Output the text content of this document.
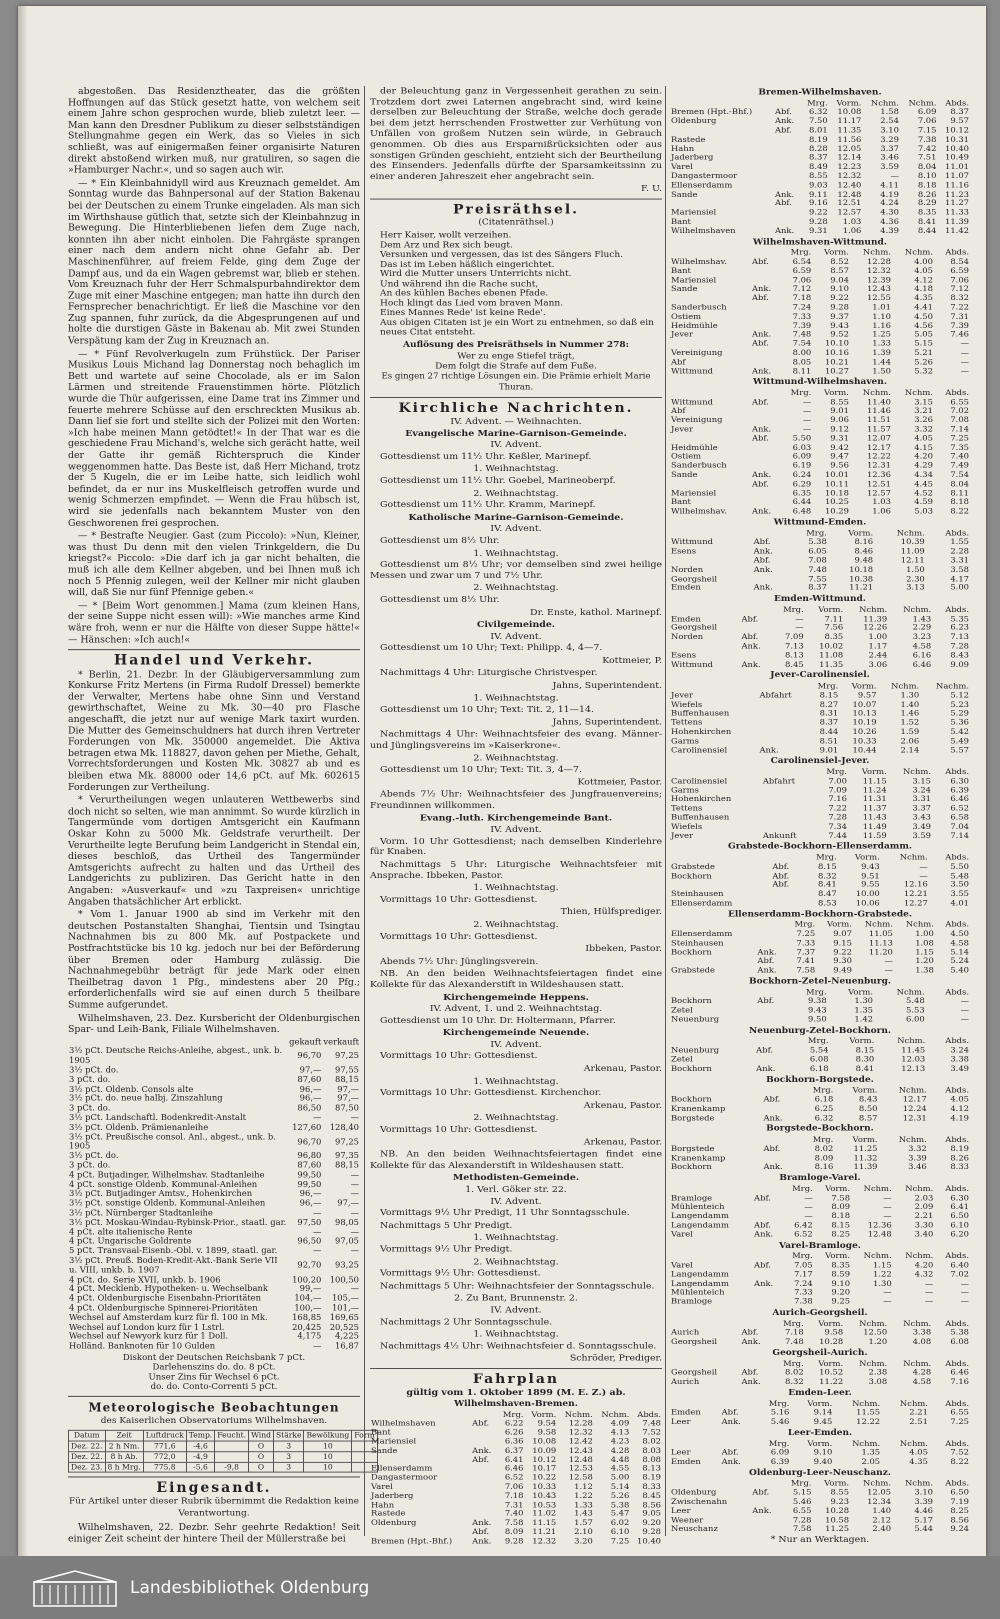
abgestoßen. Das Residenztheater, das die größten Hoffnungen auf das Stück gesetzt hatte, von welchem seit einem Jahre schon gesprochen wurde, blieb zuletzt leer. — Man kann den Dresdner Publikum zu dieser selbstständigen Stellungnahme gegen ein Werk, das so Vieles in sich schließt, was auf einigermaßen feiner organisirte Naturen direkt abstoßend wirken muß, nur gratuliren, so sagen die »Hamburger Nachr.«, und so sagen auch wir.

— * Ein Kleinbahnidyll wird aus Kreuznach gemeldet. Am Sonntag wurde das Bahnpersonal auf der Station Bakenau bei der Deutschen zu einem Trunke eingeladen. Als man sich im Wirthshause gütlich that, setzte sich der Kleinbahnzug in Bewegung. Die Hinterbliebenen liefen dem Zuge nach, konnten ihn aber nicht einholen. Die Fahrgäste sprangen einer nach dem andern nicht ohne Gefahr ab. Der Maschinenführer, auf freiem Felde, ging dem Zuge der Dampf aus, und da ein Wagen gebremst war, blieb er stehen. Vom Kreuznach fuhr der Herr Schmalspurbahndirektor dem Zuge mit einer Maschine entgegen; man hatte ihn durch den Fernsprecher benachrichtigt. Er ließ die Maschine vor den Zug spannen, fuhr zurück, da die Abgesprungenen auf und holte die durstigen Gäste in Bakenau ab. Mit zwei Stunden Verspätung kam der Zug in Kreuznach an.

— * Fünf Revolverkugeln zum Frühstück. Der Pariser Musikus Louis Michand lag Donnerstag noch behaglich im Bett und wartete auf seine Chocolade, als er im Salon Lärmen und streitende Frauenstimmen hörte. Plötzlich wurde die Thür aufgerissen, eine Dame trat ins Zimmer und feuerte mehrere Schüsse auf den erschreckten Musikus ab. Dann lief sie fort und stellte sich der Polizei mit den Worten: »Ich habe meinen Mann getödtet!« In der That war es die geschiedene Frau Michand's, welche sich gerächt hatte, weil der Gatte ihr gemäß Richterspruch die Kinder weggenommen hatte. Das Beste ist, daß Herr Michand, trotz der 5 Kugeln, die er im Leibe hatte, sich leidlich wohl befindet, da er nur ins Muskelfleisch getroffen wurde und wenig Schmerzen empfindet. — Wenn die Frau hübsch ist, wird sie jedenfalls nach bekanntem Muster von den Geschworenen frei gesprochen.

— * Bestrafte Neugier. Gast (zum Piccolo): »Nun, Kleiner, was thust Du denn mit den vielen Trinkgeldern, die Du kriegst?« Piccolo: »Die darf ich ja gar nicht behalten, die muß ich alle dem Kellner abgeben, und bei Ihnen muß ich noch 5 Pfennig zulegen, weil der Kellner mir nicht glauben will, daß Sie nur fünf Pfennige geben.«

— * [Beim Wort genommen.] Mama (zum kleinen Hans, der seine Suppe nicht essen will): »Wie manches arme Kind wäre froh, wenn er nur die Hälfte von dieser Suppe hätte!« — Hänschen: »Ich auch!«

Handel und Verkehr.

* Berlin, 21. Dezbr. In der Gläubigerversammlung zum Konkurse Fritz Mertens (in Firma Rudolf Dressel) bemerkte der Verwalter, Mertens habe ohne Sinn und Verstand gewirthschaftet, Weine zu Mk. 30—40 pro Flasche angeschafft, die jetzt nur auf wenige Mark taxirt wurden. Die Mutter des Gemeinschuldners hat durch ihren Vertreter Forderungen von Mk. 350000 angemeldet. Die Aktiva betragen etwa Mk. 118827, davon gehen per Miethe, Gehalt, Vorrechtsforderungen und Kosten Mk. 30827 ab und es bleiben etwa Mk. 88000 oder 14,6 pCt. auf Mk. 602615 Forderungen zur Vertheilung.

* Verurtheilungen wegen unlauteren Wettbewerbs sind doch nicht so selten, wie man annimmt. So wurde kürzlich in Tangermünde vom dortigen Amtsgericht ein Kaufmann Oskar Kohn zu 5000 Mk. Geldstrafe verurtheilt. Der Verurtheilte legte Berufung beim Landgericht in Stendal ein, dieses beschloß, das Urtheil des Tangermünder Amtsgerichts aufrecht zu halten und das Urtheil des Landgerichts zu publiziren. Das Gericht hatte in den Angaben: »Ausverkauf« und »zu Taxpreisen« unrichtige Angaben thatsächlicher Art erblickt.

* Vom 1. Januar 1900 ab sind im Verkehr mit den deutschen Postanstalten Shanghai, Tientsin und Tsingtau Nachnahmen bis zu 800 Mk. auf Postpackete und Postfrachtstücke bis 10 kg. jedoch nur bei der Beförderung über Bremen oder Hamburg zulässig. Die Nachnahmegebühr beträgt für jede Mark oder einen Theilbetrag davon 1 Pfg., mindestens aber 20 Pfg.; erforderlichenfalls wird sie auf einen durch 5 theilbare Summe aufgerundet.

Wilhelmshaven, 23. Dez. Kursbericht der Oldenburgischen Spar- und Leih-Bank, Filiale Wilhelmshaven.

	gekauft	verkauft
3½ pCt. Deutsche Reichs-Anleihe, abgest., unk. b. 1905	96,70	97,25
3½ pCt. do.	97,—	97,55
3 pCt. do.	87,60	88,15
3½ pCt. Oldenb. Consols alte	96,—	97,—
3½ pCt. do. neue halbj. Zinszahlung	96,—	97,—
3 pCt. do.	86,50	87,50
3½ pCt. Landschaftl. Bodenkredit-Anstalt	—	—
3½ pCt. Oldenb. Prämienanleihe	127,60	128,40
3½ pCt. Preußische consol. Anl., abgest., unk. b. 1905	96,70	97,25
3½ pCt. do.	96,80	97,35
3 pCt. do.	87,60	88,15
4 pCt. Butjadinger, Wilhelmshav. Stadtanleihe	99,50	—
4 pCt. sonstige Oldenb. Kommunal-Anleihen	99,50	—
3½ pCt. Butjadinger Amtsv., Hohenkirchen	96,—	—
3½ pCt. sonstige Oldenb. Kommunal-Anleihen	96,—	97,—
3½ pCt. Nürnberger Stadtanleihe	—	—
3½ pCt. Moskau-Windau-Rybinsk-Prior., staatl. gar.	97,50	98,05
4 pCt. alte italienische Rente	—	—
4 pCt. Ungarische Goldrente	96,50	97,05
5 pCt. Transvaal-Eisenb.-Obl. v. 1899, staatl. gar.	—	—
3½ pCt. Preuß. Boden-Kredit-Akt.-Bank Serie VII u. VIII, unkb. b. 1907	92,70	93,25
4 pCt. do. Serie XVII, unkb. b. 1906	100,20	100,50
4 pCt. Mecklenb. Hypotheken- u. Wechselbank	99,—	—
4 pCt. Oldenburgische Eisenbahn-Prioritäten	104,—	105,—
4 pCt. Oldenburgische Spinnerei-Prioritäten	100,—	101,—
Wechsel auf Amsterdam kurz für fl. 100 in Mk.	168,85	169,65
Wechsel auf London kurz für 1 Lstrl.	20,425	20,525
Wechsel auf Newyork kurz für 1 Doll.	4,175	4,225
Holländ. Banknoten für 10 Gulden	—	16,87
Diskont der Deutschen Reichsbank 7 pCt.
Darlehenszins do. do. 8 pCt.
Unser Zins für Wechsel 6 pCt.
do. do. Conto-Correnti 5 pCt.
Meteorologische Beobachtungen
des Kaiserlichen Observatoriums Wilhelmshaven.
Datum	Zeit	Luftdruck	Temp.	Feucht.	Wind	Stärke	Bewölkung	Form
Dez. 22.	2 h Nm.	771,6	-4,6		O	3	10	
Dez. 22.	8 h Ab.	772,0	-4,9		O	3	10	
Dez. 23.	8 h Mrg.	775,8	-5,6	-9,8	O	3	10	
Eingesandt.
Für Artikel unter dieser Rubrik übernimmt die Redaktion keine Verantwortung.

Wilhelmshaven, 22. Dezbr. Sehr geehrte Redaktion! Seit einiger Zeit scheint der hintere Theil der Müllerstraße bei

der Beleuchtung ganz in Vergessenheit gerathen zu sein. Trotzdem dort zwei Laternen angebracht sind, wird keine derselben zur Beleuchtung der Straße, welche doch gerade bei dem jetzt herrschenden Frostwetter zur Verhütung von Unfällen von großem Nutzen sein würde, in Gebrauch genommen. Ob dies aus Ersparnißrücksichten oder aus sonstigen Gründen geschieht, entzieht sich der Beurtheilung des Einsenders. Jedenfalls dürfte der Sparsamkeitssinn zu einer anderen Jahreszeit eher angebracht sein.

F. U.

Preisräthsel.
(Citatenräthsel.)
Herr Kaiser, wollt verzeihen.
Dem Arz und Rex sich beugt.
Versunken und vergessen, das ist des Sängers Fluch.
Das ist im Leben häßlich eingerichtet.
Wird die Mutter unsers Unterrichts nicht.
Und während ihn die Rache sucht,
An des kühlen Baches ebenen Pfade.
Hoch klingt das Lied vom braven Mann.
Eines Mannes Rede' ist keine Rede'.
Aus obigen Citaten ist je ein Wort zu entnehmen, so daß ein neues Citat entsteht.

Auflösung des Preisräthsels in Nummer 278:

Wer zu enge Stiefel trägt,
Dem folgt die Strafe auf dem Fuße.

Es gingen 27 richtige Lösungen ein. Die Prämie erhielt Marie Thuran.

Kirchliche Nachrichten.

IV. Advent. — Weihnachten.

Evangelische Marine-Garnison-Gemeinde.

IV. Advent.

Gottesdienst um 11½ Uhr. Keßler, Marinepf.

1. Weihnachtstag.

Gottesdienst um 11½ Uhr. Goebel, Marineoberpf.

2. Weihnachtstag.

Gottesdienst um 11½ Uhr. Kramm, Marinepf.

Katholische Marine-Garnison-Gemeinde.

IV. Advent.

Gottesdienst um 8½ Uhr.

1. Weihnachtstag.

Gottesdienst um 8½ Uhr; vor demselben sind zwei heilige Messen und zwar um 7 und 7½ Uhr.

2. Weihnachtstag.

Gottesdienst um 8½ Uhr.

Dr. Enste, kathol. Marinepf.

Civilgemeinde.

IV. Advent.

Gottesdienst um 10 Uhr; Text: Philipp. 4, 4—7.

Kottmeier, P.

Nachmittags 4 Uhr: Liturgische Christvesper.

Jahns, Superintendent.

1. Weihnachtstag.

Gottesdienst um 10 Uhr; Text: Tit. 2, 11—14.

Jahns, Superintendent.

Nachmittags 4 Uhr: Weihnachtsfeier des evang. Männer- und Jünglingsvereins im »Kaiserkrone«.

2. Weihnachtstag.

Gottesdienst um 10 Uhr; Text: Tit. 3, 4—7.

Kottmeier, Pastor.

Abends 7½ Uhr: Weihnachtsfeier des Jungfrauenvereins; Freundinnen willkommen.

Evang.-luth. Kirchengemeinde Bant.

IV. Advent.

Vorm. 10 Uhr Gottesdienst; nach demselben Kinderlehre für Knaben.

Nachmittags 5 Uhr: Liturgische Weihnachtsfeier mit Ansprache. Ibbeken, Pastor.

1. Weihnachtstag.

Vormittags 10 Uhr: Gottesdienst.

Thien, Hülfsprediger.

2. Weihnachtstag.

Vormittags 10 Uhr: Gottesdienst.

Ibbeken, Pastor.

Abends 7½ Uhr: Jünglingsverein.

NB. An den beiden Weihnachtsfeiertagen findet eine Kollekte für das Alexanderstift in Wildeshausen statt.

Kirchengemeinde Heppens.

IV. Advent, 1. und 2. Weihnachtstag.

Gottesdienst um 10 Uhr. Dr. Holtermann, Pfarrer.

Kirchengemeinde Neuende.

IV. Advent.

Vormittags 10 Uhr: Gottesdienst.

Arkenau, Pastor.

1. Weihnachtstag.

Vormittags 10 Uhr: Gottesdienst. Kirchenchor.

Arkenau, Pastor.

2. Weihnachtstag.

Vormittags 10 Uhr: Gottesdienst.

Arkenau, Pastor.

NB. An den beiden Weihnachtsfeiertagen findet eine Kollekte für das Alexanderstift in Wildeshausen statt.

Methodisten-Gemeinde.

1. Verl. Göker str. 22.

IV. Advent.

Vormittags 9½ Uhr Predigt, 11 Uhr Sonntagsschule.

Nachmittags 5 Uhr Predigt.

1. Weihnachtstag.

Vormittags 9½ Uhr Predigt.

2. Weihnachtstag.

Vormittags 9½ Uhr: Gottesdienst.

Nachmittags 5 Uhr: Weihnachtsfeier der Sonntagsschule.

2. Zu Bant, Brunnenstr. 2.

IV. Advent.

Nachmittags 2 Uhr Sonntagsschule.

1. Weihnachtstag.

Nachmittags 4½ Uhr: Weihnachtsfeier d. Sonntagsschule.

Schröder, Prediger.

Fahrplan
gültig vom 1. Oktober 1899 (M. E. Z.) ab.
Wilhelmshaven-Bremen.
		Mrg.	Vorm.	Nchm.	Nchm.	Abds.
Wilhelmshaven	Abf.	6.22	9.54	12.28	4.09	7.48
Bant		6.26	9.58	12.32	4.13	7.52
Mariensiel		6.36	10.08	12.42	4.23	8.02
Sande	Ank.	6.37	10.09	12.43	4.28	8.03
	Abf.	6.41	10.12	12.48	4.48	8.08
Ellenserdamm		6.46	10.17	12.53	4.55	8.13
Dangastermoor		6.52	10.22	12.58	5.00	8.19
Varel		7.06	10.33	1.12	5.14	8.33
Jaderberg		7.18	10.43	1.22	5.26	8.45
Hahn		7.31	10.53	1.33	5.38	8.56
Rastede		7.40	11.02	1.43	5.47	9.05
Oldenburg	Ank.	7.58	11.15	1.57	6.02	9.20
	Abf.	8.09	11.21	2.10	6.10	9.28
Bremen (Hpt.-Bhf.)	Ank.	9.28	12.32	3.20	7.25	10.40
Bremen-Wilhelmshaven.
		Mrg.	Vorm.	Nchm.	Nchm.	Abds.
Bremen (Hpt.-Bhf.)	Abf.	6.32	10.08	1.58	6.09	8.37
Oldenburg	Ank.	7.50	11.17	2.54	7.06	9.57
	Abf.	8.01	11.35	3.10	7.15	10.12
Rastede		8.19	11.56	3.29	7.38	10.31
Hahn		8.28	12.05	3.37	7.42	10.40
Jaderberg		8.37	12.14	3.46	7.51	10.49
Varel		8.49	12.23	3.59	8.04	11.01
Dangastermoor		8.55	12.32	—	8.10	11.07
Ellenserdamm		9.03	12.40	4.11	8.18	11.16
Sande	Ank.	9.11	12.48	4.19	8.26	11.23
	Abf.	9.16	12.51	4.24	8.29	11.27
Mariensiel		9.22	12.57	4.30	8.35	11.33
Bant		9.28	1.03	4.36	8.41	11.39
Wilhelmshaven	Ank.	9.31	1.06	4.39	8.44	11.42
Wilhelmshaven-Wittmund.
		Mrg.	Vorm.	Nchm.	Nchm.	Abds.
Wilhelmshav.	Abf.	6.54	8.52	12.28	4.00	8.54
Bant		6.59	8.57	12.32	4.05	6.59
Mariensiel		7.06	9.04	12.39	4.12	7.06
Sande	Ank.	7.12	9.10	12.43	4.18	7.12
	Abf.	7.18	9.22	12.55	4.35	8.32
Sanderbusch		7.24	9.28	1.01	4.41	7.22
Ostiem		7.33	9.37	1.10	4.50	7.31
Heidmühle		7.39	9.43	1.16	4.56	7.39
Jever	Ank.	7.48	9.52	1.25	5.05	7.46
	Abf.	7.54	10.10	1.33	5.15	—
Vereinigung		8.00	10.16	1.39	5.21	—
Abf		8.05	10.21	1.44	5.26	—
Wittmund	Ank.	8.11	10.27	1.50	5.32	—
Wittmund-Wilhelmshaven.
		Mrg.	Vorm.	Nchm.	Nchm.	Abds.
Wittmund	Abf.	—	8.55	11.40	3.15	6.55
Abf		—	9.01	11.46	3.21	7.02
Vereinigung		—	9.06	11.51	3.26	7.08
Jever	Ank.	—	9.12	11.57	3.32	7.14
	Abf.	5.50	9.31	12.07	4.05	7.25
Heidmühle		6.03	9.42	12.17	4.15	7.35
Ostiem		6.09	9.47	12.22	4.20	7.40
Sanderbusch		6.19	9.56	12.31	4.29	7.49
Sande	Ank.	6.24	10.01	12.36	4.34	7.54
	Abf.	6.29	10.11	12.51	4.45	8.04
Mariensiel		6.35	10.18	12.57	4.52	8.11
Bant		6.44	10.25	1.03	4.59	8.18
Wilhelmshav.	Ank.	6.48	10.29	1.06	5.03	8.22
Wittmund-Emden.
		Mrg.	Vorm.	Nchm.	Abds.
Wittmund	Abf.	5.38	8.16	10.39	1.55
Esens	Ank.	6.05	8.46	11.09	2.28
	Abf.	7.08	9.48	12.11	3.31
Norden	Ank.	7.48	10.18	1.50	3.58
Georgsheil		7.55	10.38	2.30	4.17
Emden	Ank.	8.37	11.21	3.13	5.00
Emden-Wittmund.
		Mrg.	Vorm.	Nchm.	Nchm.	Abds.
Emden	Abf.	—	7.11	11.39	1.43	5.35
Georgsheil		—	7.56	12.26	2.29	6.23
Norden	Abf.	7.09	8.35	1.00	3.23	7.13
	Ank.	7.13	10.02	1.17	4.58	7.28
Esens		8.13	11.08	2.44	6.16	8.43
Wittmund	Ank.	8.45	11.35	3.06	6.46	9.09
Jever-Carolinensiel.
		Mrg.	Vorm.	Nchm.	Nachm.
Jever	Abfahrt	8.15	9.57	1.30	5.12
Wiefels		8.27	10.07	1.40	5.23
Buffenhausen		8.31	10.13	1.46	5.29
Tettens		8.37	10.19	1.52	5.36
Hohenkirchen		8.44	10.26	1.59	5.42
Garms		8.51	10.33	2.06	5.49
Carolinensiel	Ank.	9.01	10.44	2.14	5.57
Carolinensiel-Jever.
		Mrg.	Vorm.	Nchm.	Abds.
Carolinensiel	Abfahrt	7.00	11.15	3.15	6.30
Garms		7.09	11.24	3.24	6.39
Hohenkirchen		7.16	11.31	3.31	6.46
Tettens		7.22	11.37	3.37	6.52
Buffenhausen		7.28	11.43	3.43	6.58
Wiefels		7.34	11.49	3.49	7.04
Jever	Ankunft	7.44	11.59	3.59	7.14
Grabstede-Bockhorn-Ellenserdamm.
		Mrg.	Vorm.	Nchm.	Abds.
Grabstede	Abf.	8.15	9.43	—	5.50
Bockhorn	Abf.	8.32	9.51	—	5.48
	Abf.	8.41	9.55	12.16	3.50
Steinhausen		8.47	10.00	12.21	3.55
Ellenserdamm		8.53	10.06	12.27	4.01
Ellenserdamm-Bockhorn-Grabstede.
		Mrg.	Vorm.	Nchm.	Nchm.	Abds.
Ellenserdamm		7.25	9.07	11.05	1.00	4.50
Steinhausen		7.33	9.15	11.13	1.08	4.58
Bockhorn	Ank.	7.37	9.22	11.20	1.15	5.14
	Abf.	7.41	9.30	—	1.20	5.24
Grabstede	Ank.	7.58	9.49	—	1.38	5.40
Bockhorn-Zetel-Neuenburg.
		Mrg.	Vorm.	Nchm.	Abds.
Bockhorn	Abf.	9.38	1.30	5.48	—
Zetel		9.43	1.35	5.53	—
Neuenburg		9.50	1.42	6.00	—
Neuenburg-Zetel-Bockhorn.
		Mrg.	Vorm.	Nchm.	Abds.
Neuenburg	Abf.	5.54	8.15	11.45	3.24
Zetel		6.08	8.30	12.03	3.38
Bockhorn	Ank.	6.18	8.41	12.13	3.49
Bockhorn-Borgstede.
		Mrg.	Vorm.	Nchm.	Abds.
Bockhorn	Abf.	6.18	8.43	12.17	4.05
Kranenkamp		6.25	8.50	12.24	4.12
Borgstede	Ank.	6.32	8.57	12.31	4.19
Borgstede-Bockhorn.
		Mrg.	Vorm.	Nchm.	Abds.
Borgstede	Abf.	8.02	11.25	3.32	8.19
Kranenkamp		8.09	11.32	3.39	8.26
Bockhorn	Ank.	8.16	11.39	3.46	8.33
Bramloge-Varel.
		Mrg.	Vorm.	Nchm.	Nchm.	Abds.
Bramloge	Abf.	—	7.58	—	2.03	6.30
Mühlenteich		—	8.09	—	2.09	6.41
Langendamm		—	8.18	—	2.21	6.50
Langendamm	Abf.	6.42	8.15	12.36	3.30	6.10
Varel	Ank.	6.52	8.25	12.48	3.40	6.20
Varel-Bramloge.
		Mrg.	Vorm.	Nchm.	Nchm.	Abds.
Varel	Abf.	7.05	8.35	1.15	4.20	6.40
Langendamm		7.17	8.59	1.22	4.32	7.02
Langendamm	Ank.	7.24	9.10	1.30	—	—
Mühlenteich		7.33	9.20	—	—	—
Bramloge		7.38	9.25	—	—	—
Aurich-Georgsheil.
		Mrg.	Vorm.	Nchm.	Nchm.	Abds.
Aurich	Abf.	7.18	9.58	12.50	3.38	5.38
Georgsheil	Ank.	7.48	10.28	1.20	4.08	6.08
Georgsheil-Aurich.
		Mrg.	Vorm.	Nchm.	Nchm.	Abds.
Georgsheil	Abf.	8.02	10.52	2.38	4.28	6.46
Aurich	Ank.	8.32	11.22	3.08	4.58	7.16
Emden-Leer.
		Mrg.	Vorm.	Nchm.	Nchm.	Abds.
Emden	Abf.	5.16	9.14	11.55	2.21	6.55
Leer	Ank.	5.46	9.45	12.22	2.51	7.25
Leer-Emden.
		Mrg.	Vorm.	Nchm.	Nchm.	Abds.
Leer	Abf.	6.09	9.10	1.35	4.05	7.52
Emden	Ank.	6.39	9.40	2.05	4.35	8.22
Oldenburg-Leer-Neuschanz.
		Mrg.	Vorm.	Nchm.	Nchm.	Abds.
Oldenburg	Abf.	5.15	8.55	12.05	3.10	6.50
Zwischenahn		5.46	9.23	12.34	3.39	7.19
Leer	Ank.	6.55	10.28	1.40	4.46	8.25
Weener		7.28	10.58	2.12	5.17	8.56
Neuschanz		7.58	11.25	2.40	5.44	9.24
* Nur an Werktagen.
Landesbibliothek Oldenburg
